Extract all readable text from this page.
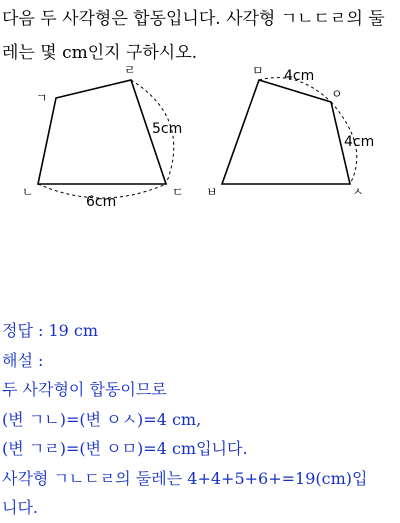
다음 두 사각형은 합동입니다. 사각형 ㄱㄴㄷㄹ의 둘

레는 몇 cm인지 구하시오.

ㄱ
ㄴ	ㄷ
ㄹ
5cm
6cm
ㅁ
ㅇ
ㅅ
ㅂ
4cm
4cm

정답 : 19 cm

해설 :

두 사각형이 합동이므로

(변 ㄱㄴ)=(변 ㅇㅅ)=4 cm,

(변 ㄱㄹ)=(변 ㅇㅁ)=4 cm입니다.

사각형 ㄱㄴㄷㄹ의 둘레는 4+4+5+6+=19(cm)입

니다.
